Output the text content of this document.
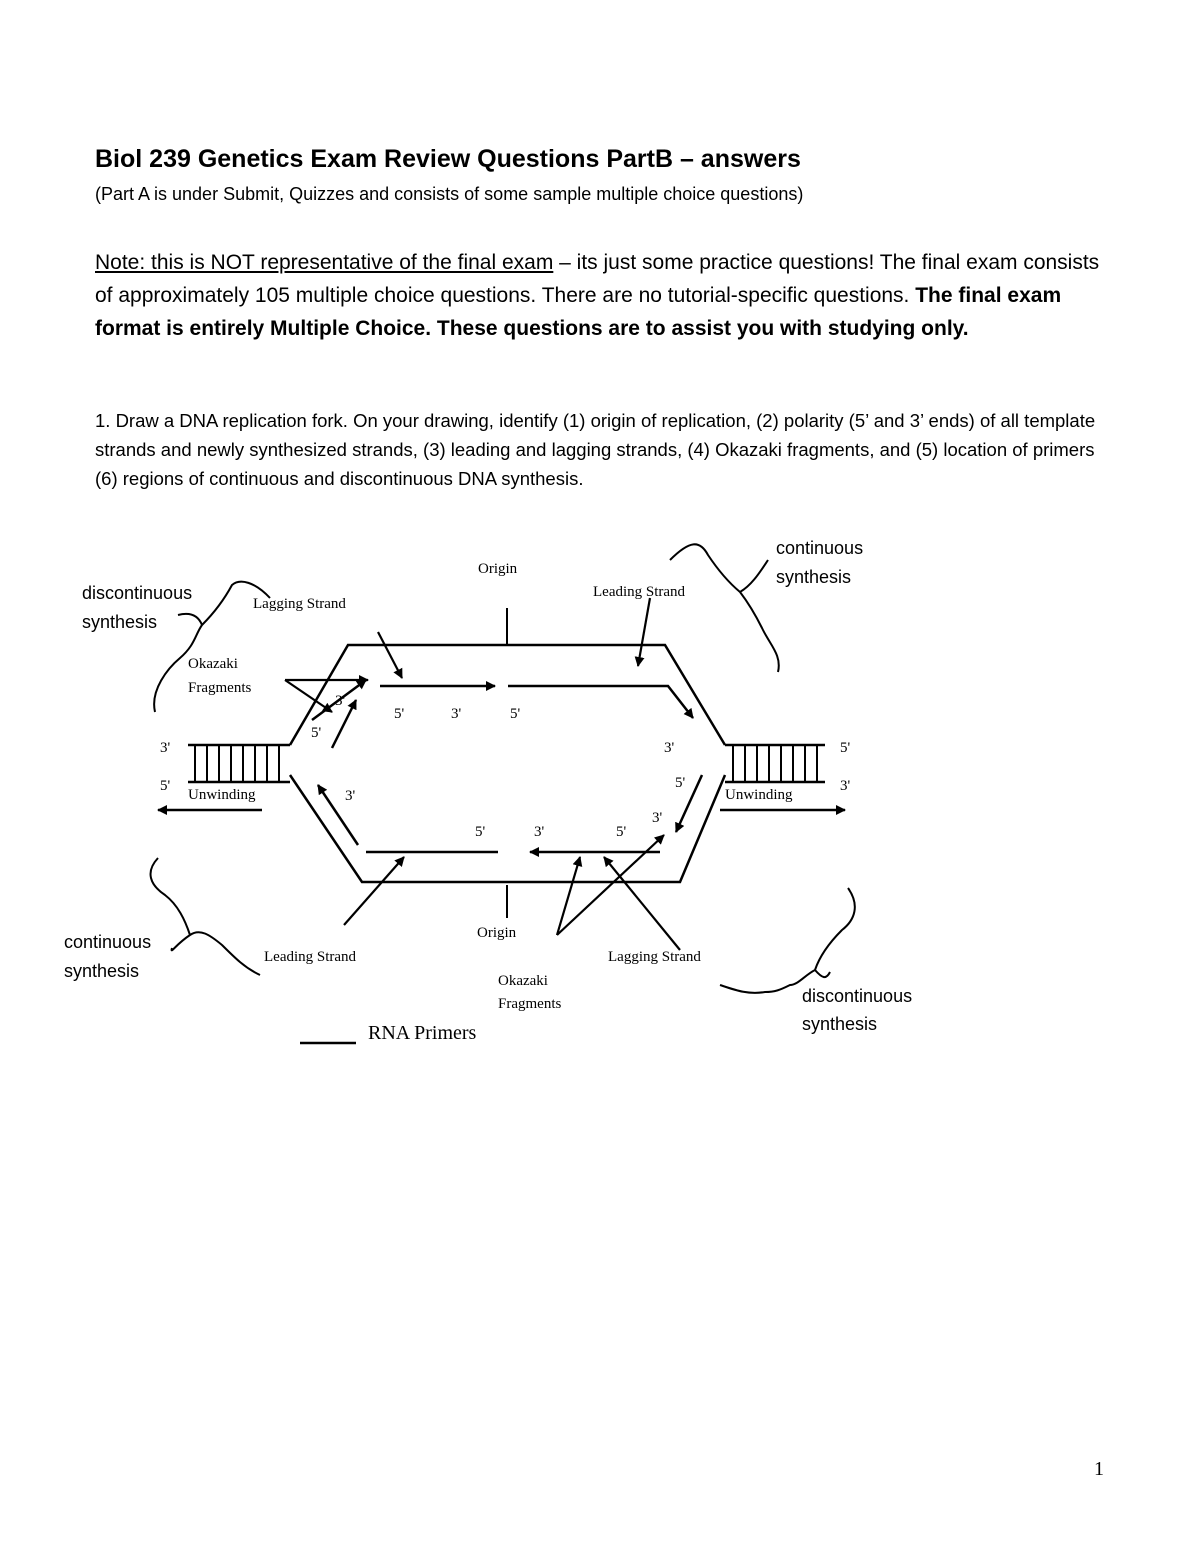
Biol 239 Genetics Exam Review Questions PartB – answers
(Part A is under Submit, Quizzes and consists of some sample multiple choice questions)
Note: this is NOT representative of the final exam – its just some practice questions! The final exam consists of approximately 105 multiple choice questions. There are no tutorial-specific questions. The final exam format is entirely Multiple Choice. These questions are to assist you with studying only.
1. Draw a DNA replication fork. On your drawing, identify (1) origin of replication, (2) polarity (5’ and 3’ ends) of all template strands and newly synthesized strands, (3) leading and lagging strands, (4) Okazaki fragments, and (5) location of primers (6) regions of continuous and discontinuous DNA synthesis.
Origin
Origin
Lagging Strand
Leading Strand
Leading Strand	Lagging Strand
discontinuous
synthesis
continuous
synthesis
continuous
synthesis
discontinuous
synthesis
Okazaki
Fragments
Okazaki
Fragments
Unwinding	Unwinding
RNA Primers
3'
5'
5'
3'
3'
5'
5'	3'	5'
3'
3'
5'
3'
5'	3'	5'
1
